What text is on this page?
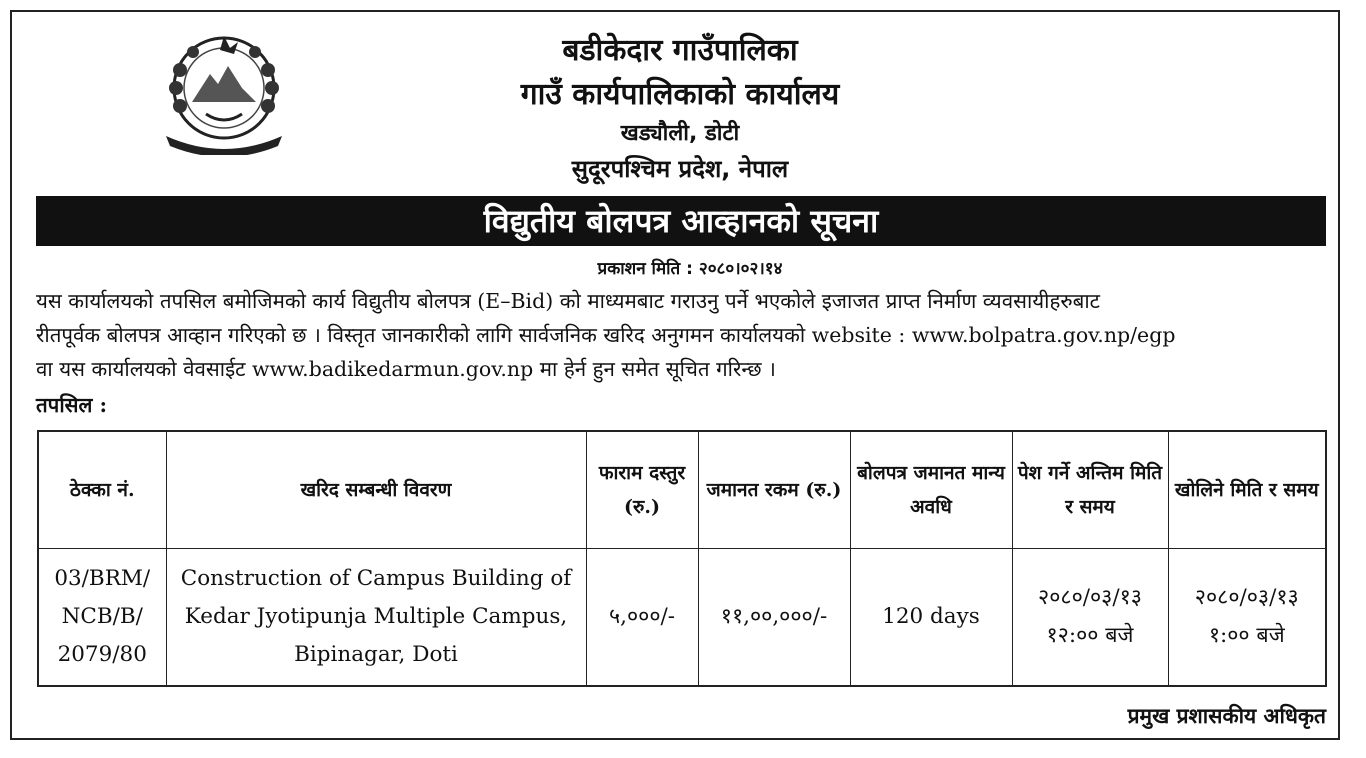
बडीकेदार गाउँपालिका
गाउँ कार्यपालिकाको कार्यालय
खड्यौली, डोटी
सुदूरपश्चिम प्रदेश, नेपाल
विद्युतीय बोलपत्र आव्हानको सूचना
प्रकाशन मिति : २०८०।०२।१४

यस कार्यालयको तपसिल बमोजिमको कार्य विद्युतीय बोलपत्र (E–Bid) को माध्यमबाट गराउनु पर्ने भएकोले इजाजत प्राप्त निर्माण व्यवसायीहरुबाट

रीतपूर्वक बोलपत्र आव्हान गरिएको छ । विस्तृत जानकारीको लागि सार्वजनिक खरिद अनुगमन कार्यालयको website : www.bolpatra.gov.np/egp

वा यस कार्यालयको वेवसाईट www.badikedarmun.gov.np मा हेर्न हुन समेत सूचित गरिन्छ ।

तपसिल :
ठेक्का नं.	खरिद सम्बन्धी विवरण	फाराम दस्तुर (रु.)	जमानत रकम (रु.)	बोलपत्र जमानत मान्य अवधि	पेश गर्ने अन्तिम मिति र समय	खोलिने मिति र समय
03/BRM/ NCB/B/ 2079/80	Construction of Campus Building of Kedar Jyotipunja Multiple Campus, Bipinagar, Doti	५,०००/-	११,००,०००/-	120 days	२०८०/०३/१३ १२:०० बजे	२०८०/०३/१३ १:०० बजे
प्रमुख प्रशासकीय अधिकृत
